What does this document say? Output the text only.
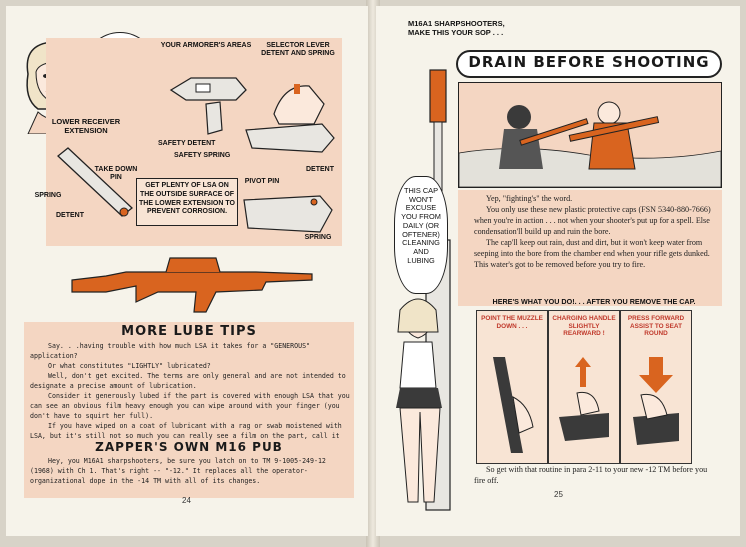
YOUR ARMORER'S AREAS	SELECTOR LEVER DETENT AND SPRING
SAFETY DETENT
SAFETY SPRING
LOWER RECEIVER EXTENSION
TAKE DOWN PIN
SPRING
DETENT
GET PLENTY OF LSA ON THE OUTSIDE SURFACE OF THE LOWER EXTENSION TO PREVENT CORROSION.
PIVOT PIN
DETENT
SPRING
MORE LUBE TIPS

Say. . .having trouble with how much LSA it takes for a "GENEROUS" application?

Or what constitutes "LIGHTLY" lubricated?

Well, don't get excited. The terms are only general and are not intended to designate a precise amount of lubrication.

Consider it generously lubed if the part is covered with enough LSA that you can see an obvious film heavy enough you can wipe around with your finger (you don't have to squirt her full).

If you have wiped on a coat of lubricant with a rag or swab moistened with LSA, but it's still not so much you can really see a film on the part, call it

ZAPPER'S OWN M16 PUB
Hey, you M16A1 sharpshooters, be sure you latch on to TM 9-1005-249-12 (1968) with Ch 1. That's right -- "-12." It replaces all the operator-organizational dope in the -14 TM with all of its changes.
24
M16A1 SHARPSHOOTERS, MAKE THIS YOUR SOP . . .
DRAIN BEFORE SHOOTING
THIS CAP WON'T EXCUSE YOU FROM DAILY (OR OFTENER) CLEANING AND LUBING

Yep, "fighting's" the word.

You only use these new plastic protective caps (FSN 5340-880-7666) when you're in action . . . not when your shooter's put up for a spell. Else condensation'll build up and ruin the bore.

The cap'll keep out rain, dust and dirt, but it won't keep water from seeping into the bore from the chamber end when your rifle gets dunked. This water's got to be removed before you try to fire.

HERE'S WHAT YOU DO!. . . AFTER YOU REMOVE THE CAP.
POINT THE MUZZLE DOWN . . .
CHARGING HANDLE SLIGHTLY REARWARD !
PRESS FORWARD ASSIST TO SEAT ROUND
So get with that routine in para 2-11 to your new -12 TM before you fire off.
25
